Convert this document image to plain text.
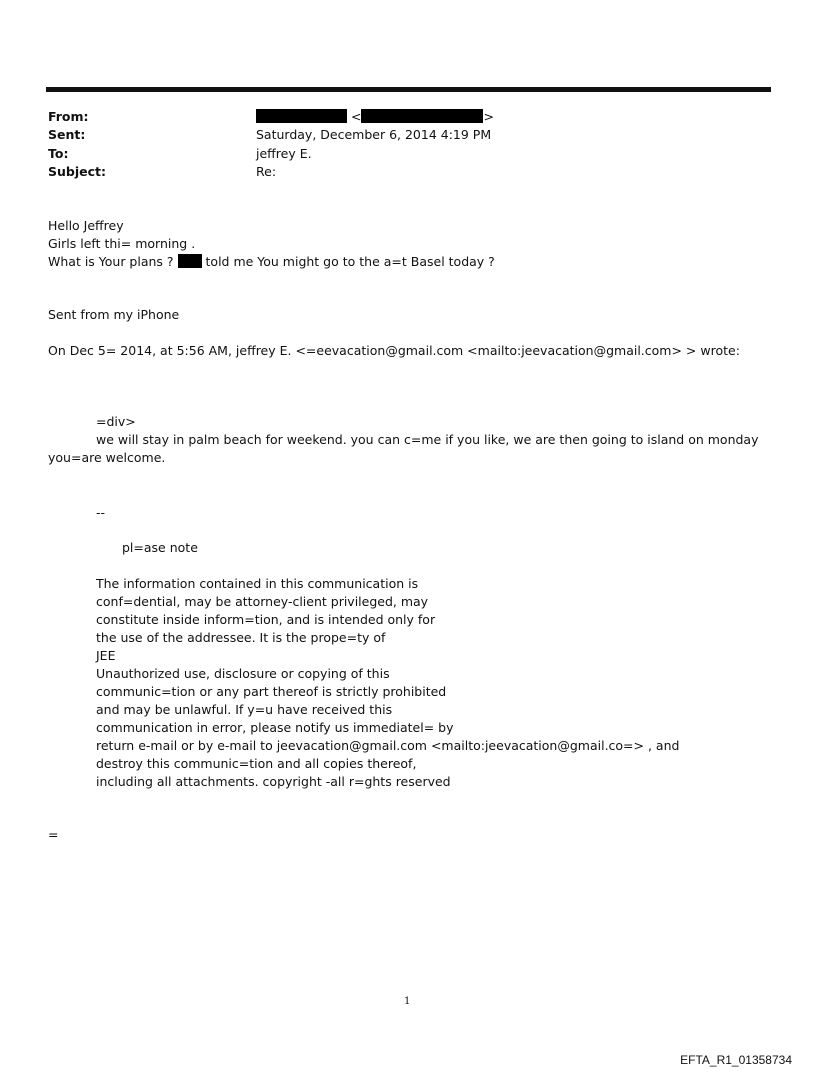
From:	<	>
Sent:	Saturday, December 6, 2014 4:19 PM
To:	jeffrey E.
Subject:	Re:
Hello Jeffrey
Girls left thi= morning .
What is Your plans ?	told me You might go to the a=t Basel today ?
Sent from my iPhone
On Dec 5= 2014, at 5:56 AM, jeffrey E. <=eevacation@gmail.com <mailto:jeevacation@gmail.com> > wrote:
=div>
we will stay in palm beach for weekend. you can c=me if you like, we are then going to island on monday
you=are welcome.
--
pl=ase note
The information contained in this communication is
conf=dential, may be attorney-client privileged, may
constitute inside inform=tion, and is intended only for
the use of the addressee. It is the prope=ty of
JEE
Unauthorized use, disclosure or copying of this
communic=tion or any part thereof is strictly prohibited
and may be unlawful. If y=u have received this
communication in error, please notify us immediatel= by
return e-mail or by e-mail to jeevacation@gmail.com <mailto:jeevacation@gmail.co=> , and
destroy this communic=tion and all copies thereof,
including all attachments. copyright -all r=ghts reserved
=
1
EFTA_R1_01358734
